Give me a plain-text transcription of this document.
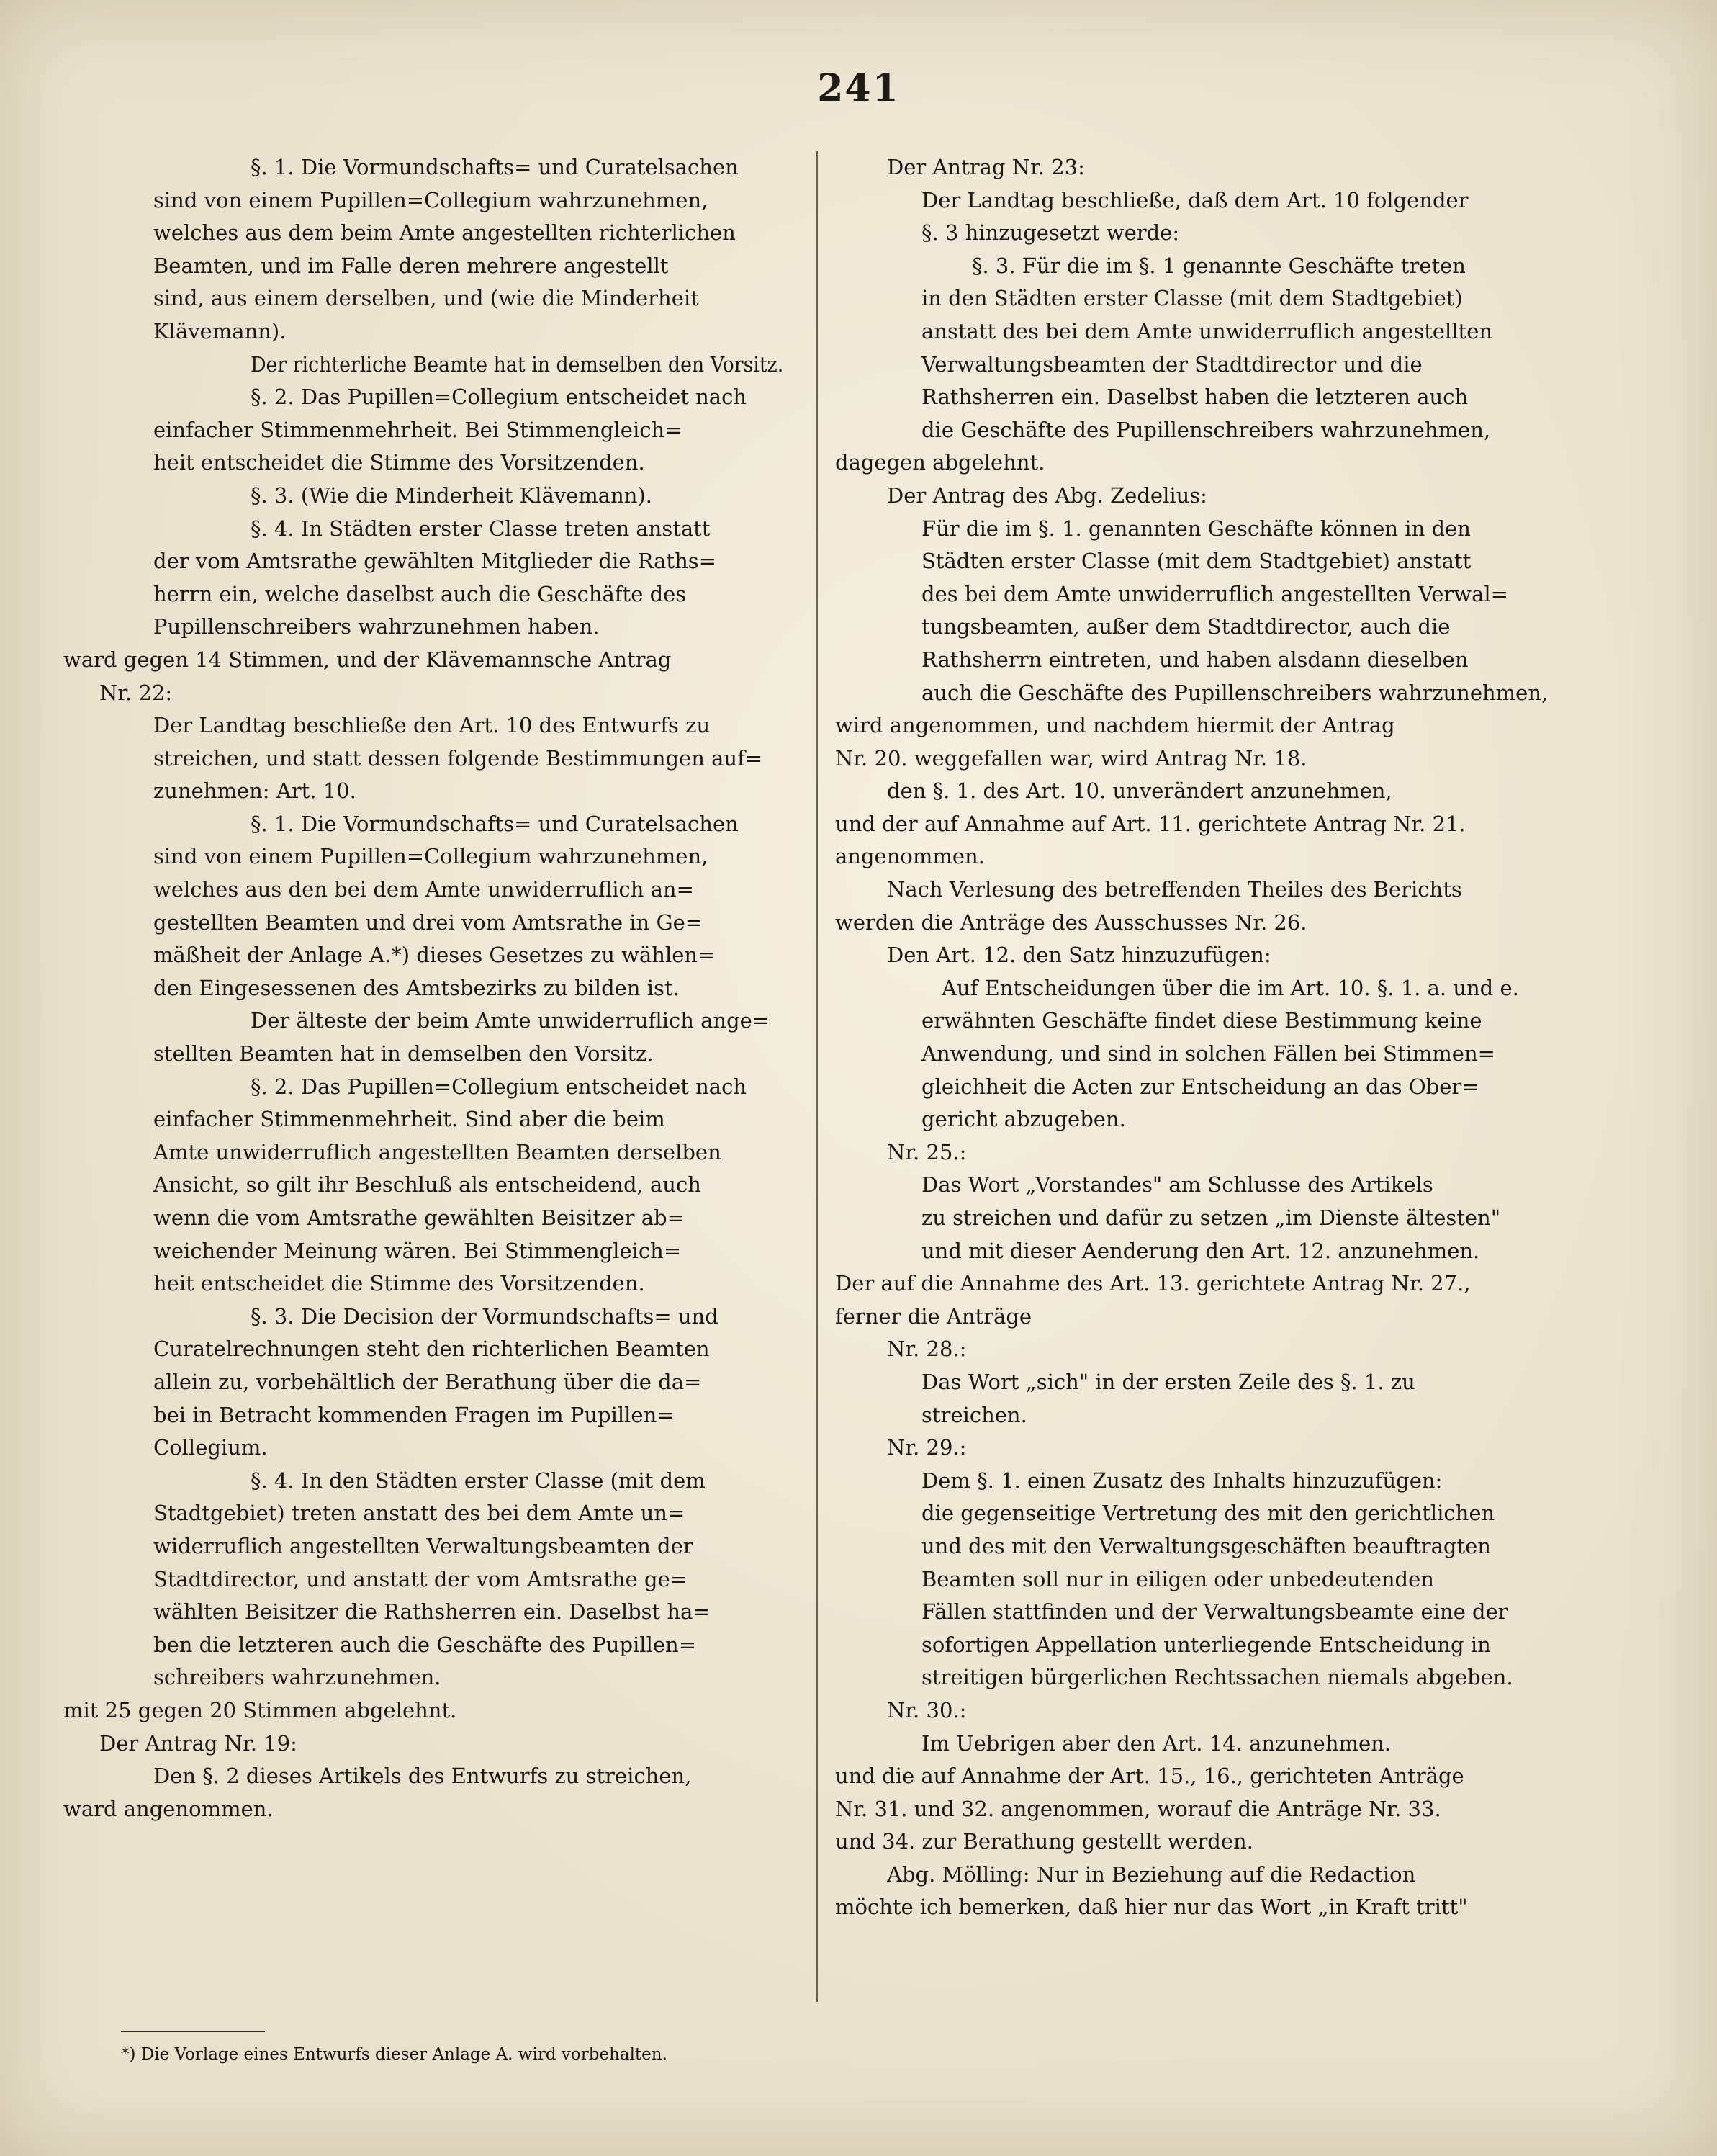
241

§. 1. Die Vormundschafts= und Curatelsachen

sind von einem Pupillen=Collegium wahrzunehmen,

welches aus dem beim Amte angestellten richterlichen

Beamten, und im Falle deren mehrere angestellt

sind, aus einem derselben, und (wie die Minderheit

Klävemann).

Der richterliche Beamte hat in demselben den Vorsitz.

§. 2. Das Pupillen=Collegium entscheidet nach

einfacher Stimmenmehrheit. Bei Stimmengleich=

heit entscheidet die Stimme des Vorsitzenden.

§. 3. (Wie die Minderheit Klävemann).

§. 4. In Städten erster Classe treten anstatt

der vom Amtsrathe gewählten Mitglieder die Raths=

herrn ein, welche daselbst auch die Geschäfte des

Pupillenschreibers wahrzunehmen haben.

ward gegen 14 Stimmen, und der Klävemannsche Antrag

Nr. 22:

Der Landtag beschließe den Art. 10 des Entwurfs zu

streichen, und statt dessen folgende Bestimmungen auf=

zunehmen: Art. 10.

§. 1. Die Vormundschafts= und Curatelsachen

sind von einem Pupillen=Collegium wahrzunehmen,

welches aus den bei dem Amte unwiderruflich an=

gestellten Beamten und drei vom Amtsrathe in Ge=

mäßheit der Anlage A.*) dieses Gesetzes zu wählen=

den Eingesessenen des Amtsbezirks zu bilden ist.

Der älteste der beim Amte unwiderruflich ange=

stellten Beamten hat in demselben den Vorsitz.

§. 2. Das Pupillen=Collegium entscheidet nach

einfacher Stimmenmehrheit. Sind aber die beim

Amte unwiderruflich angestellten Beamten derselben

Ansicht, so gilt ihr Beschluß als entscheidend, auch

wenn die vom Amtsrathe gewählten Beisitzer ab=

weichender Meinung wären. Bei Stimmengleich=

heit entscheidet die Stimme des Vorsitzenden.

§. 3. Die Decision der Vormundschafts= und

Curatelrechnungen steht den richterlichen Beamten

allein zu, vorbehältlich der Berathung über die da=

bei in Betracht kommenden Fragen im Pupillen=

Collegium.

§. 4. In den Städten erster Classe (mit dem

Stadtgebiet) treten anstatt des bei dem Amte un=

widerruflich angestellten Verwaltungsbeamten der

Stadtdirector, und anstatt der vom Amtsrathe ge=

wählten Beisitzer die Rathsherren ein. Daselbst ha=

ben die letzteren auch die Geschäfte des Pupillen=

schreibers wahrzunehmen.

mit 25 gegen 20 Stimmen abgelehnt.

Der Antrag Nr. 19:

Den §. 2 dieses Artikels des Entwurfs zu streichen,

ward angenommen.

Der Antrag Nr. 23:

Der Landtag beschließe, daß dem Art. 10 folgender

§. 3 hinzugesetzt werde:

§. 3. Für die im §. 1 genannte Geschäfte treten

in den Städten erster Classe (mit dem Stadtgebiet)

anstatt des bei dem Amte unwiderruflich angestellten

Verwaltungsbeamten der Stadtdirector und die

Rathsherren ein. Daselbst haben die letzteren auch

die Geschäfte des Pupillenschreibers wahrzunehmen,

dagegen abgelehnt.

Der Antrag des Abg. Zedelius:

Für die im §. 1. genannten Geschäfte können in den

Städten erster Classe (mit dem Stadtgebiet) anstatt

des bei dem Amte unwiderruflich angestellten Verwal=

tungsbeamten, außer dem Stadtdirector, auch die

Rathsherrn eintreten, und haben alsdann dieselben

auch die Geschäfte des Pupillenschreibers wahrzunehmen,

wird angenommen, und nachdem hiermit der Antrag

Nr. 20. weggefallen war, wird Antrag Nr. 18.

den §. 1. des Art. 10. unverändert anzunehmen,

und der auf Annahme auf Art. 11. gerichtete Antrag Nr. 21.

angenommen.

Nach Verlesung des betreffenden Theiles des Berichts

werden die Anträge des Ausschusses Nr. 26.

Den Art. 12. den Satz hinzuzufügen:

Auf Entscheidungen über die im Art. 10. §. 1. a. und e.

erwähnten Geschäfte findet diese Bestimmung keine

Anwendung, und sind in solchen Fällen bei Stimmen=

gleichheit die Acten zur Entscheidung an das Ober=

gericht abzugeben.

Nr. 25.:

Das Wort „Vorstandes" am Schlusse des Artikels

zu streichen und dafür zu setzen „im Dienste ältesten"

und mit dieser Aenderung den Art. 12. anzunehmen.

Der auf die Annahme des Art. 13. gerichtete Antrag Nr. 27.,

ferner die Anträge

Nr. 28.:

Das Wort „sich" in der ersten Zeile des §. 1. zu

streichen.

Nr. 29.:

Dem §. 1. einen Zusatz des Inhalts hinzuzufügen:

die gegenseitige Vertretung des mit den gerichtlichen

und des mit den Verwaltungsgeschäften beauftragten

Beamten soll nur in eiligen oder unbedeutenden

Fällen stattfinden und der Verwaltungsbeamte eine der

sofortigen Appellation unterliegende Entscheidung in

streitigen bürgerlichen Rechtssachen niemals abgeben.

Nr. 30.:

Im Uebrigen aber den Art. 14. anzunehmen.

und die auf Annahme der Art. 15., 16., gerichteten Anträge

Nr. 31. und 32. angenommen, worauf die Anträge Nr. 33.

und 34. zur Berathung gestellt werden.

Abg. Mölling: Nur in Beziehung auf die Redaction

möchte ich bemerken, daß hier nur das Wort „in Kraft tritt"

*) Die Vorlage eines Entwurfs dieser Anlage A. wird vorbehalten.
